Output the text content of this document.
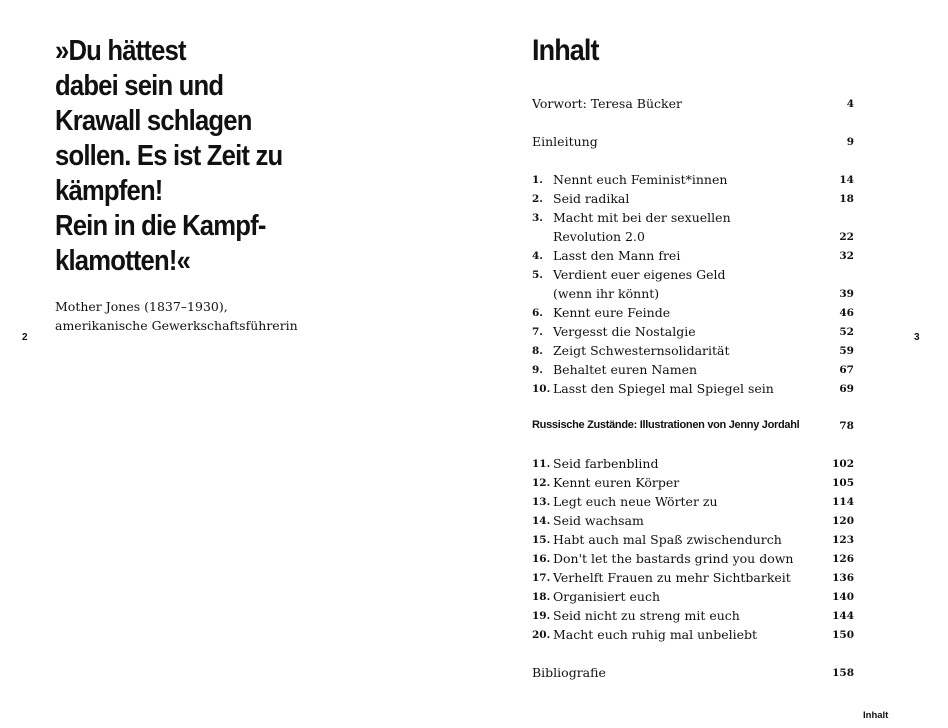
»Du hättest
dabei sein und
Krawall schlagen
sollen. Es ist Zeit zu
kämpfen!
Rein in die Kampf-
klamotten!«
Mother Jones (1837–1930),
amerikanische Gewerkschaftsführerin
2
Inhalt
Vorwort: Teresa Bücker	4
Einleitung	9
1. Nennt euch Feminist*innen	14
2. Seid radikal	18
3. Macht mit bei der sexuellen
Revolution 2.0	22
4. Lasst den Mann frei	32
5. Verdient euer eigenes Geld
(wenn ihr könnt)	39
6. Kennt eure Feinde	46
7. Vergesst die Nostalgie	52
8. Zeigt Schwesternsolidarität	59
9. Behaltet euren Namen	67
10. Lasst den Spiegel mal Spiegel sein	69
Russische Zustände: Illustrationen von Jenny Jordahl	78
11. Seid farbenblind	102
12. Kennt euren Körper	105
13. Legt euch neue Wörter zu	114
14. Seid wachsam	120
15. Habt auch mal Spaß zwischendurch	123
16. Don't let the bastards grind you down	126
17. Verhelft Frauen zu mehr Sichtbarkeit	136
18. Organisiert euch	140
19. Seid nicht zu streng mit euch	144
20. Macht euch ruhig mal unbeliebt	150
Bibliografie	158
3
Inhalt
